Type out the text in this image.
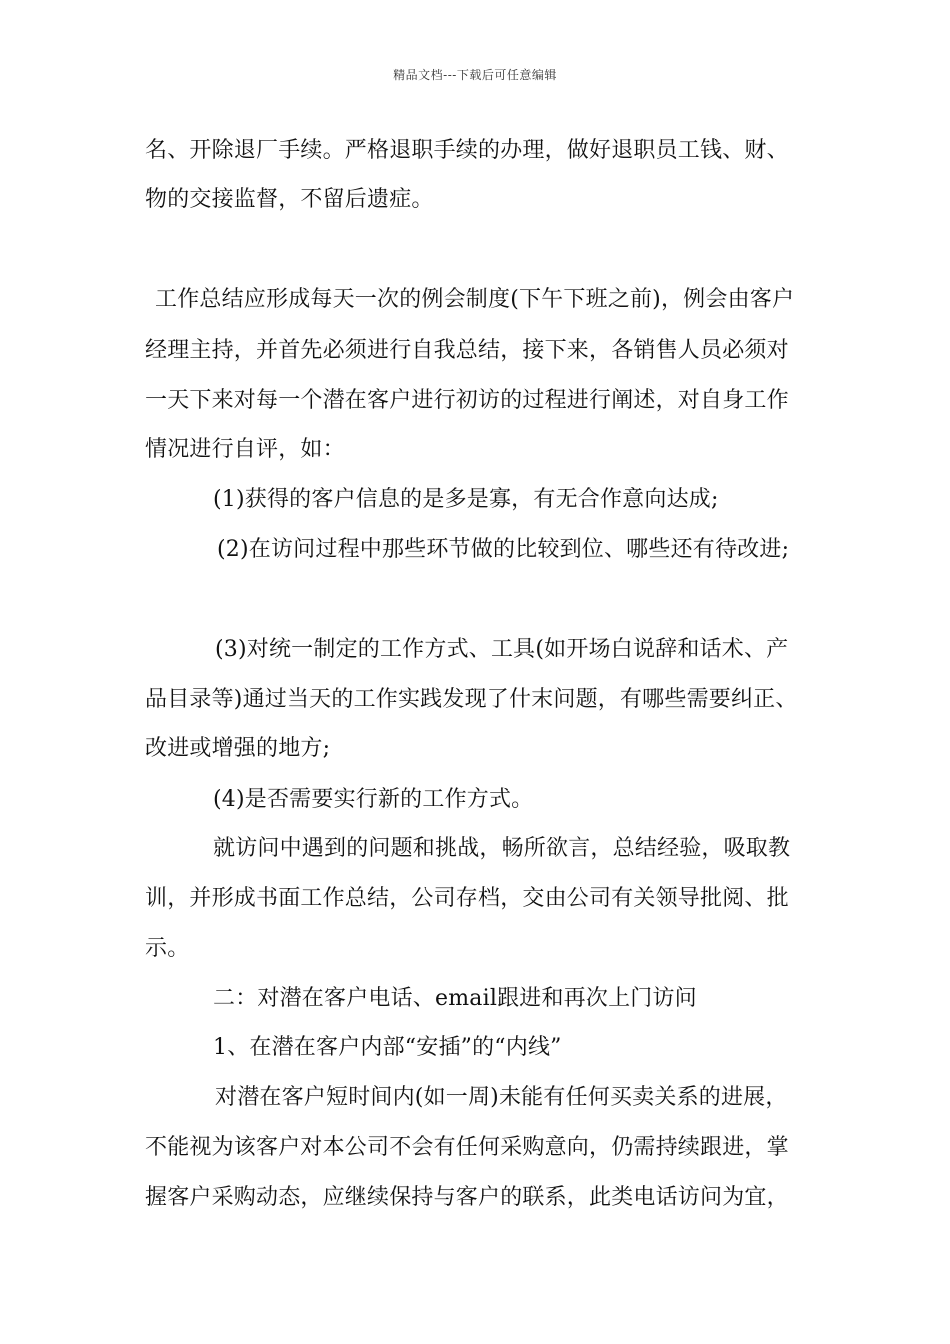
精品文档---下载后可任意编辑
名、开除退厂手续。严格退职手续的办理，做好退职员工钱、财、
物的交接监督，不留后遗症。
工作总结应形成每天一次的例会制度(下午下班之前)，例会由客户
经理主持，并首先必须进行自我总结，接下来，各销售人员必须对
一天下来对每一个潜在客户进行初访的过程进行阐述，对自身工作
情况进行自评，如：
(1)获得的客户信息的是多是寡，有无合作意向达成;
(2)在访问过程中那些环节做的比较到位、哪些还有待改进;
(3)对统一制定的工作方式、工具(如开场白说辞和话术、产
品目录等)通过当天的工作实践发现了什末问题，有哪些需要纠正、
改进或增强的地方;
(4)是否需要实行新的工作方式。
就访问中遇到的问题和挑战，畅所欲言，总结经验，吸取教
训，并形成书面工作总结，公司存档，交由公司有关领导批阅、批
示。
二：对潜在客户电话、email跟进和再次上门访问
1、在潜在客户内部“安插”的“内线”
对潜在客户短时间内(如一周)未能有任何买卖关系的进展，
不能视为该客户对本公司不会有任何采购意向，仍需持续跟进，掌
握客户采购动态，应继续保持与客户的联系，此类电话访问为宜，
